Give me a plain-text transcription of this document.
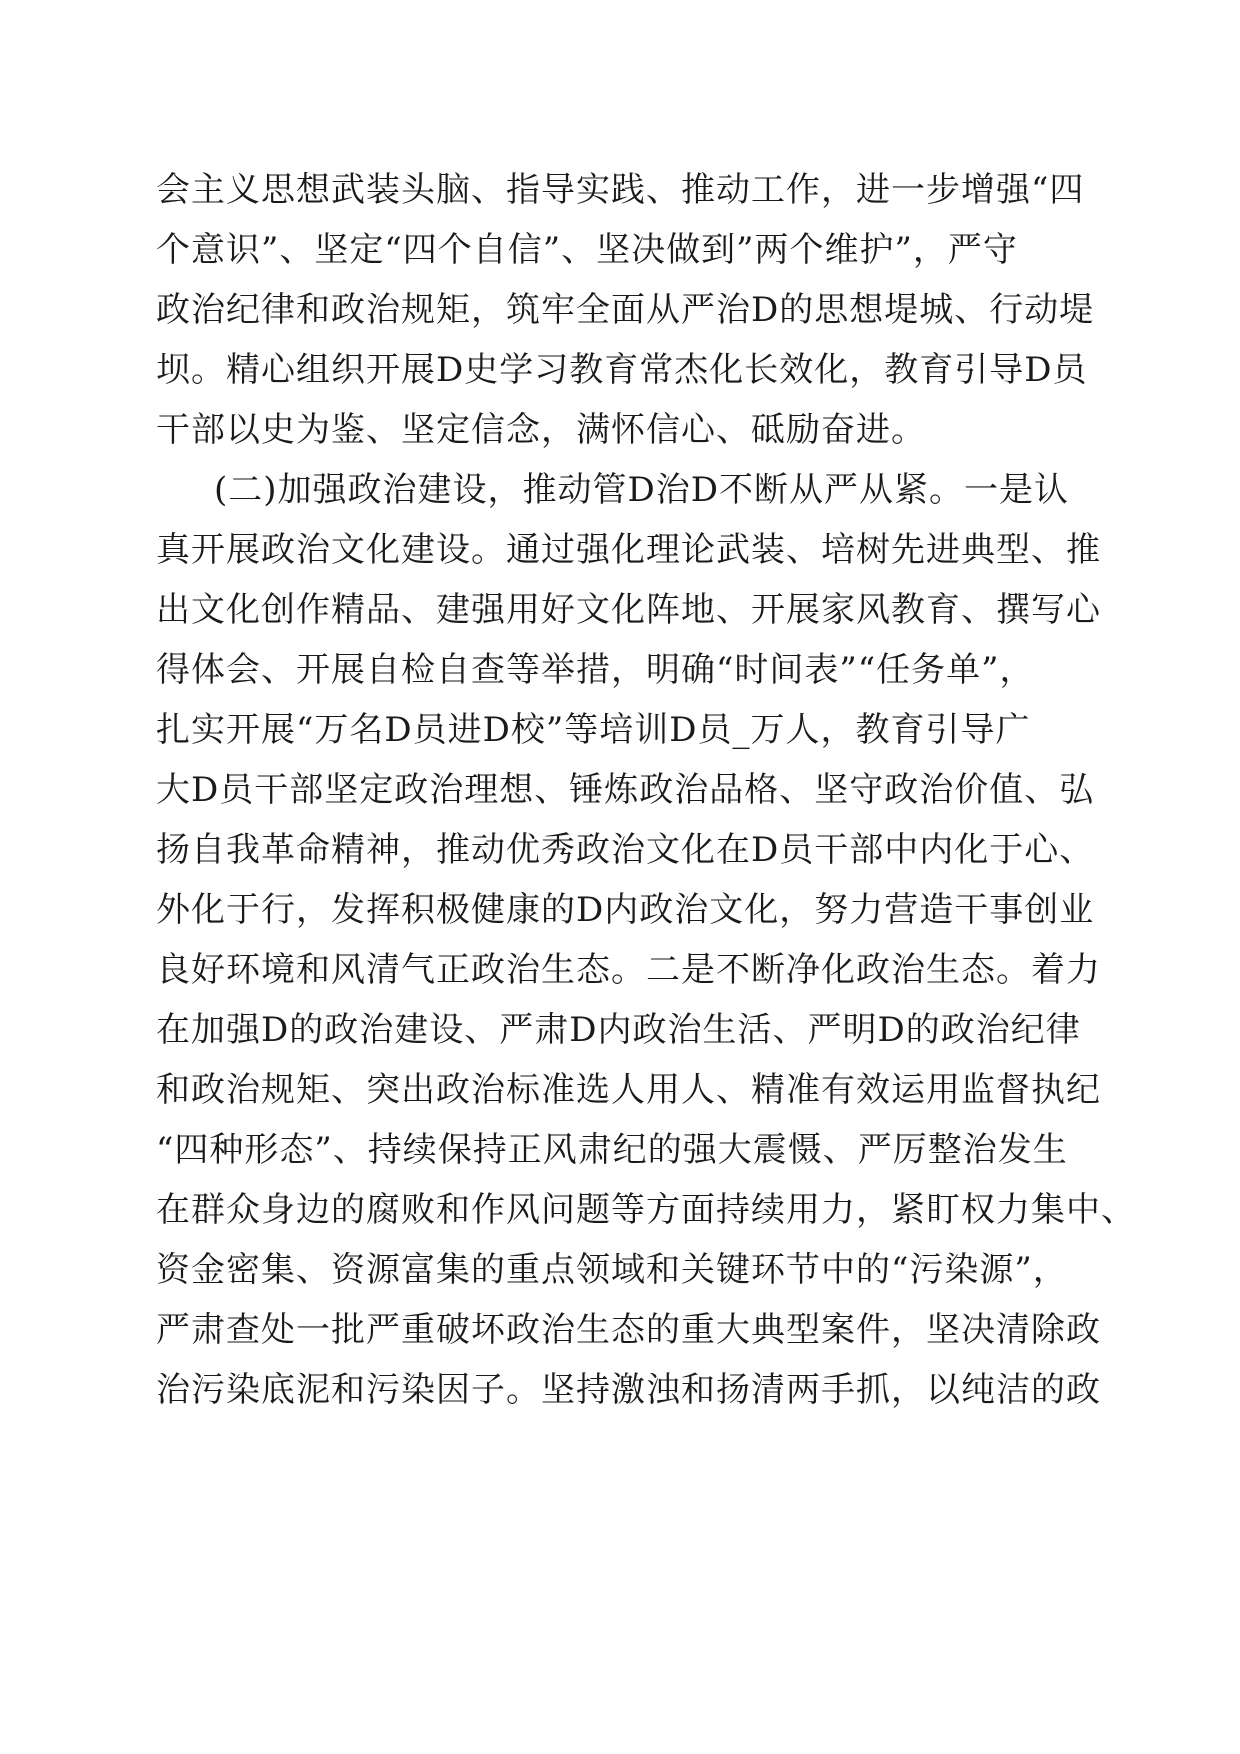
会主义思想武装头脑、指导实践、推动工作，进一步增强“四
个意识”、坚定“四个自信”、坚决做到”两个维护”，严守
政治纪律和政治规矩，筑牢全面从严治D的思想堤城、行动堤
坝。精心组织开展D史学习教育常杰化长效化，教育引导D员
干部以史为鉴、坚定信念，满怀信心、砥励奋进。
(二)加强政治建设，推动管D治D不断从严从紧。一是认
真开展政治文化建设。通过强化理论武装、培树先进典型、推
出文化创作精品、建强用好文化阵地、开展家风教育、撰写心
得体会、开展自检自查等举措，明确“时间表”“任务单”，
扎实开展“万名D员进D校”等培训D员_万人，教育引导广
大D员干部坚定政治理想、锤炼政治品格、坚守政治价值、弘
扬自我革命精神，推动优秀政治文化在D员干部中内化于心、
外化于行，发挥积极健康的D内政治文化，努力营造干事创业
良好环境和风清气正政治生态。二是不断净化政治生态。着力
在加强D的政治建设、严肃D内政治生活、严明D的政治纪律
和政治规矩、突出政治标准选人用人、精准有效运用监督执纪
“四种形态”、持续保持正风肃纪的强大震慑、严厉整治发生
在群众身边的腐败和作风问题等方面持续用力，紧盯权力集中、
资金密集、资源富集的重点领域和关键环节中的“污染源”，
严肃查处一批严重破坏政治生态的重大典型案件，坚决清除政
治污染底泥和污染因子。坚持激浊和扬清两手抓，以纯洁的政
